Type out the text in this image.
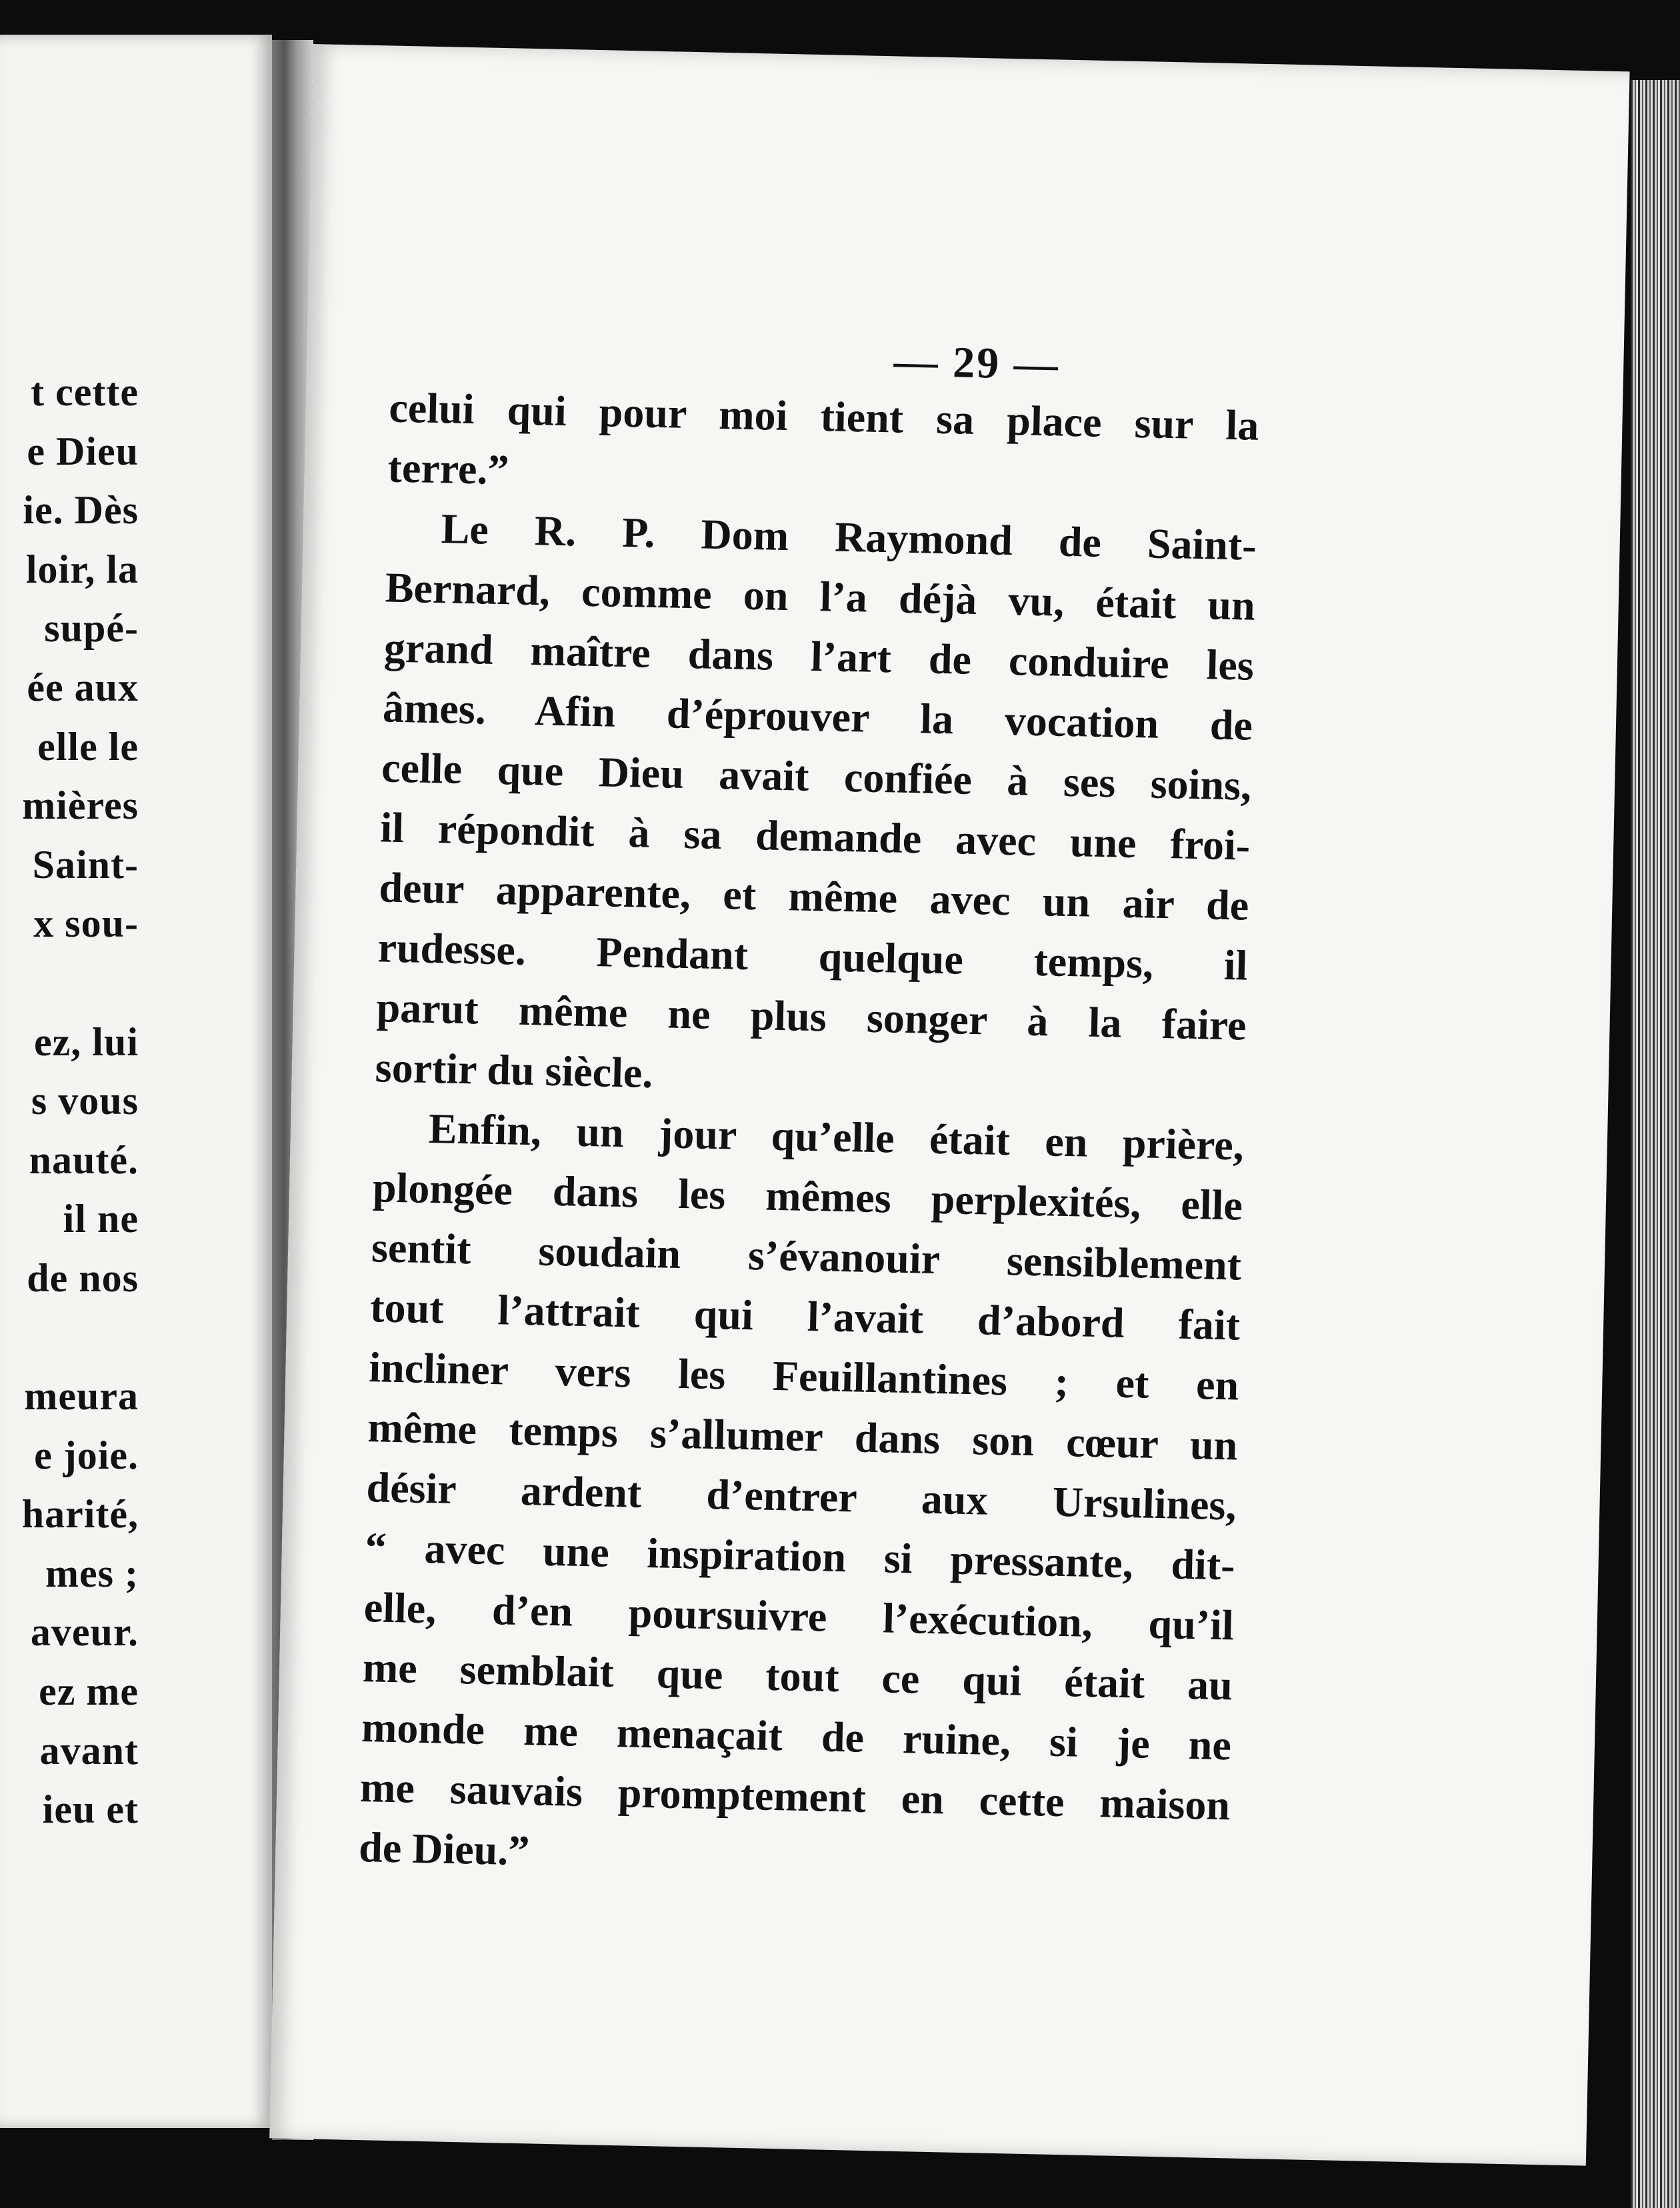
t cette
e Dieu
ie. Dès
loir, la
supé-
ée aux
elle le
mières
Saint-
x sou-
ez, lui
s vous
nauté.
il ne
de nos
meura
e joie.
harité,
mes ;
aveur.
ez me
avant
ieu et
— 29 —
celui qui pour moi tient sa place sur la
terre.”
Le R. P. Dom Raymond de Saint-
Bernard, comme on l’a déjà vu, était un
grand maître dans l’art de conduire les
âmes. Afin d’éprouver la vocation de
celle que Dieu avait confiée à ses soins,
il répondit à sa demande avec une froi-
deur apparente, et même avec un air de
rudesse. Pendant quelque temps, il
parut même ne plus songer à la faire
sortir du siècle.
Enfin, un jour qu’elle était en prière,
plongée dans les mêmes perplexités, elle
sentit soudain s’évanouir sensiblement
tout l’attrait qui l’avait d’abord fait
incliner vers les Feuillantines ; et en
même temps s’allumer dans son cœur un
désir ardent d’entrer aux Ursulines,
“ avec une inspiration si pressante, dit-
elle, d’en poursuivre l’exécution, qu’il
me semblait que tout ce qui était au
monde me menaçait de ruine, si je ne
me sauvais promptement en cette maison
de Dieu.”
